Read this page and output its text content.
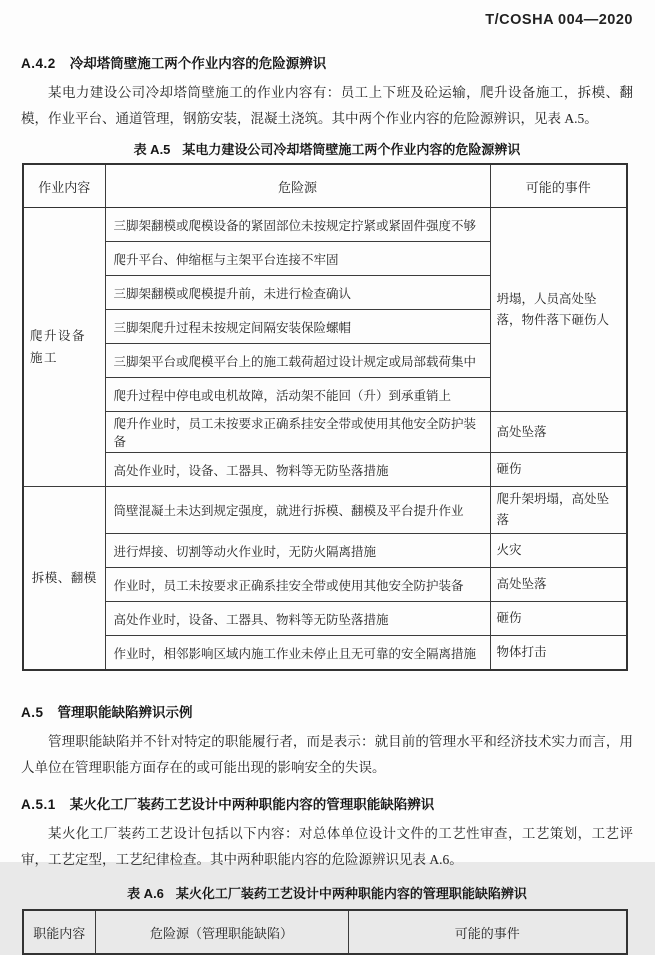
T/COSHA 004—2020
A.4.2 冷却塔筒壁施工两个作业内容的危险源辨识

某电力建设公司冷却塔筒壁施工的作业内容有：员工上下班及砼运输，爬升设备施工，拆模、翻模，作业平台、通道管理，钢筋安装，混凝土浇筑。其中两个作业内容的危险源辨识，见表 A.5。

表 A.5 某电力建设公司冷却塔筒壁施工两个作业内容的危险源辨识
作业内容	危险源	可能的事件
爬升设备施工	三脚架翻模或爬模设备的紧固部位未按规定拧紧或紧固件强度不够	坍塌，人员高处坠落，物件落下砸伤人
	爬升平台、伸缩框与主架平台连接不牢固	
	三脚架翻模或爬模提升前，未进行检查确认	
	三脚架爬升过程未按规定间隔安装保险螺帽	
	三脚架平台或爬模平台上的施工载荷超过设计规定或局部载荷集中	
	爬升过程中停电或电机故障，活动架不能回（升）到承重销上	
	爬升作业时，员工未按要求正确系挂安全带或使用其他安全防护装备	高处坠落
	高处作业时，设备、工器具、物料等无防坠落措施	砸伤
拆模、翻模	筒壁混凝土未达到规定强度，就进行拆模、翻模及平台提升作业	爬升架坍塌，高处坠落
	进行焊接、切割等动火作业时，无防火隔离措施	火灾
	作业时，员工未按要求正确系挂安全带或使用其他安全防护装备	高处坠落
	高处作业时，设备、工器具、物料等无防坠落措施	砸伤
	作业时，相邻影响区域内施工作业未停止且无可靠的安全隔离措施	物体打击
A.5 管理职能缺陷辨识示例

管理职能缺陷并不针对特定的职能履行者，而是表示：就目前的管理水平和经济技术实力而言，用人单位在管理职能方面存在的或可能出现的影响安全的失误。

A.5.1 某火化工厂装药工艺设计中两种职能内容的管理职能缺陷辨识

某火化工厂装药工艺设计包括以下内容：对总体单位设计文件的工艺性审查，工艺策划，工艺评审，工艺定型，工艺纪律检查。其中两种职能内容的危险源辨识见表 A.6。

表 A.6 某火化工厂装药工艺设计中两种职能内容的管理职能缺陷辨识
职能内容	危险源（管理职能缺陷）	可能的事件
